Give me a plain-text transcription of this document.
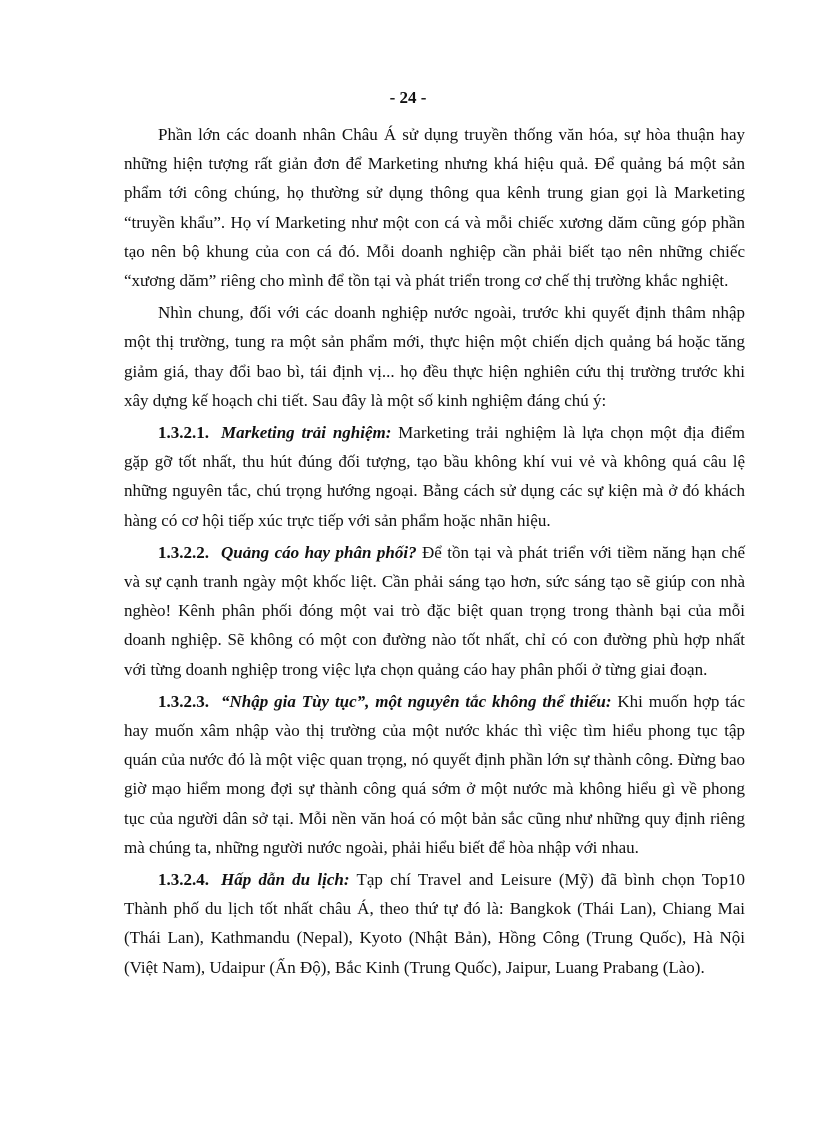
- 24 -

Phần lớn các doanh nhân Châu Á sử dụng truyền thống văn hóa, sự hòa thuận hay những hiện tượng rất giản đơn để Marketing nhưng khá hiệu quả. Để quảng bá một sản phẩm tới công chúng, họ thường sử dụng thông qua kênh trung gian gọi là Marketing “truyền khẩu”. Họ ví Marketing như một con cá và mỗi chiếc xương dăm cũng góp phần tạo nên bộ khung của con cá đó. Mỗi doanh nghiệp cần phải biết tạo nên những chiếc “xương dăm” riêng cho mình để tồn tại và phát triển trong cơ chế thị trường khắc nghiệt.

Nhìn chung, đối với các doanh nghiệp nước ngoài, trước khi quyết định thâm nhập một thị trường, tung ra một sản phẩm mới, thực hiện một chiến dịch quảng bá hoặc tăng giảm giá, thay đổi bao bì, tái định vị... họ đều thực hiện nghiên cứu thị trường trước khi xây dựng kế hoạch chi tiết. Sau đây là một số kinh nghiệm đáng chú ý:

1.3.2.1. Marketing trải nghiệm: Marketing trải nghiệm là lựa chọn một địa điểm gặp gỡ tốt nhất, thu hút đúng đối tượng, tạo bầu không khí vui vẻ và không quá câu lệ những nguyên tắc, chú trọng hướng ngoại. Bằng cách sử dụng các sự kiện mà ở đó khách hàng có cơ hội tiếp xúc trực tiếp với sản phẩm hoặc nhãn hiệu.

1.3.2.2. Quảng cáo hay phân phối? Để tồn tại và phát triển với tiềm năng hạn chế và sự cạnh tranh ngày một khốc liệt. Cần phải sáng tạo hơn, sức sáng tạo sẽ giúp con nhà nghèo! Kênh phân phối đóng một vai trò đặc biệt quan trọng trong thành bại của mỗi doanh nghiệp. Sẽ không có một con đường nào tốt nhất, chỉ có con đường phù hợp nhất với từng doanh nghiệp trong việc lựa chọn quảng cáo hay phân phối ở từng giai đoạn.

1.3.2.3. “Nhập gia Tùy tục”, một nguyên tắc không thể thiếu: Khi muốn hợp tác hay muốn xâm nhập vào thị trường của một nước khác thì việc tìm hiểu phong tục tập quán của nước đó là một việc quan trọng, nó quyết định phần lớn sự thành công. Đừng bao giờ mạo hiểm mong đợi sự thành công quá sớm ở một nước mà không hiểu gì về phong tục của người dân sở tại. Mỗi nền văn hoá có một bản sắc cũng như những quy định riêng mà chúng ta, những người nước ngoài, phải hiểu biết để hòa nhập với nhau.

1.3.2.4. Hấp dẫn du lịch: Tạp chí Travel and Leisure (Mỹ) đã bình chọn Top10 Thành phố du lịch tốt nhất châu Á, theo thứ tự đó là: Bangkok (Thái Lan), Chiang Mai (Thái Lan), Kathmandu (Nepal), Kyoto (Nhật Bản), Hồng Công (Trung Quốc), Hà Nội (Việt Nam), Udaipur (Ấn Độ), Bắc Kinh (Trung Quốc), Jaipur, Luang Prabang (Lào).
